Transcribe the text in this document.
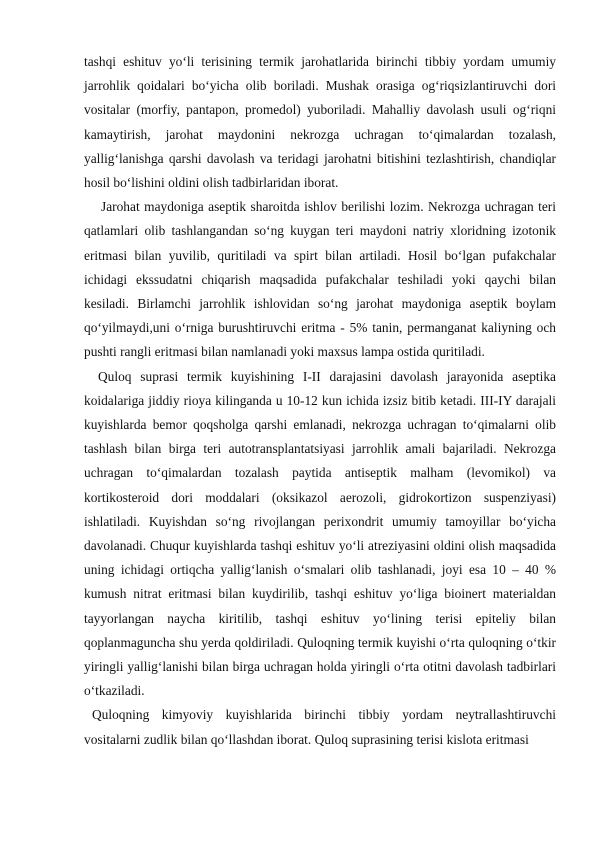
tashqi eshituv yo‘li terisining termik jarohatlarida birinchi tibbiy yordam umumiy jarrohlik qoidalari bo‘yicha olib boriladi. Mushak orasiga og‘riqsizlantiruvchi dori vositalar (morfiy, pantapon, promedol) yuboriladi. Mahalliy davolash usuli og‘riqni kamaytirish, jarohat maydonini nekrozga uchragan to‘qimalardan tozalash, yallig‘lanishga qarshi davolash va teridagi jarohatni bitishini tezlashtirish, chandiqlar hosil bo‘lishini oldini olish tadbirlaridan iborat.

Jarohat maydoniga aseptik sharoitda ishlov berilishi lozim. Nekrozga uchragan teri qatlamlari olib tashlangandan so‘ng kuygan teri maydoni natriy xloridning izotonik eritmasi bilan yuvilib, quritiladi va spirt bilan artiladi. Hosil bo‘lgan pufakchalar ichidagi ekssudatni chiqarish maqsadida pufakchalar teshiladi yoki qaychi bilan kesiladi. Birlamchi jarrohlik ishlovidan so‘ng jarohat maydoniga aseptik boylam qo‘yilmaydi,uni o‘rniga burushtiruvchi eritma - 5% tanin, permanganat kaliyning och pushti rangli eritmasi bilan namlanadi yoki maxsus lampa ostida quritiladi.

Quloq suprasi termik kuyishining I-II darajasini davolash jarayonida aseptika koidalariga jiddiy rioya kilinganda u 10-12 kun ichida izsiz bitib ketadi. III-IY darajali kuyishlarda bemor qoqsholga qarshi emlanadi, nekrozga uchragan to‘qimalarni olib tashlash bilan birga teri autotransplantatsiyasi jarrohlik amali bajariladi. Nekrozga uchragan to‘qimalardan tozalash paytida antiseptik malham (levomikol) va kortikosteroid dori moddalari (oksikazol aerozoli, gidrokortizon suspenziyasi) ishlatiladi. Kuyishdan so‘ng rivojlangan perixondrit umumiy tamoyillar bo‘yicha davolanadi. Chuqur kuyishlarda tashqi eshituv yo‘li atreziyasini oldini olish maqsadida uning ichidagi ortiqcha yallig‘lanish o‘smalari olib tashlanadi, joyi esa 10 – 40 % kumush nitrat eritmasi bilan kuydirilib, tashqi eshituv yo‘liga bioinert materialdan tayyorlangan naycha kiritilib, tashqi eshituv yo‘lining terisi epiteliy bilan qoplanmaguncha shu yerda qoldiriladi. Quloqning termik kuyishi o‘rta quloqning o‘tkir yiringli yallig‘lanishi bilan birga uchragan holda yiringli o‘rta otitni davolash tadbirlari o‘tkaziladi.

Quloqning kimyoviy kuyishlarida birinchi tibbiy yordam neytrallashtiruvchi vositalarni zudlik bilan qo‘llashdan iborat. Quloq suprasining terisi kislota eritmasi
